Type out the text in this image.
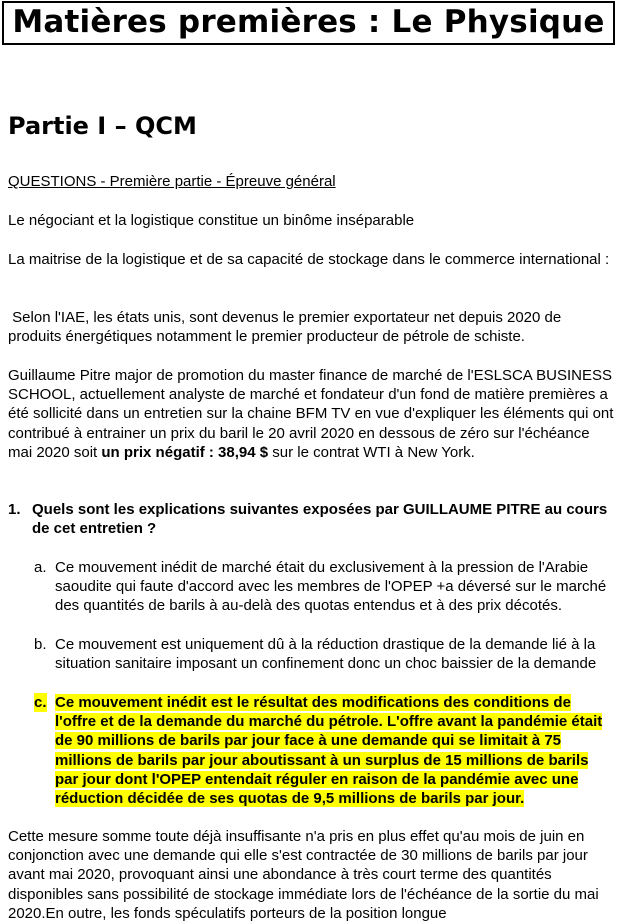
Matières premières : Le Physique
Partie I – QCM

QUESTIONS - Première partie - Épreuve général

Le négociant et la logistique constitue un binôme inséparable

La maitrise de la logistique et de sa capacité de stockage dans le commerce international :

Selon l'IAE, les états unis, sont devenus le premier exportateur net depuis 2020 de produits énergétiques notamment le premier producteur de pétrole de schiste.

Guillaume Pitre major de promotion du master finance de marché de l'ESLSCA BUSINESS SCHOOL, actuellement analyste de marché et fondateur d'un fond de matière premières a été sollicité dans un entretien sur la chaine BFM TV en vue d'expliquer les éléments qui ont contribué à entrainer un prix du baril le 20 avril 2020 en dessous de zéro sur l'échéance mai 2020 soit un prix négatif : 38,94 $ sur le contrat WTI à New York.

1. Quels sont les explications suivantes exposées par GUILLAUME PITRE au cours de cet entretien ?
a. Ce mouvement inédit de marché était du exclusivement à la pression de l'Arabie saoudite qui faute d'accord avec les membres de l'OPEP +a déversé sur le marché des quantités de barils à au-delà des quotas entendus et à des prix décotés.
b. Ce mouvement est uniquement dû à la réduction drastique de la demande lié à la situation sanitaire imposant un confinement donc un choc baissier de la demande
c. Ce mouvement inédit est le résultat des modifications des conditions de l'offre et de la demande du marché du pétrole. L'offre avant la pandémie était de 90 millions de barils par jour face à une demande qui se limitait à 75 millions de barils par jour aboutissant à un surplus de 15 millions de barils par jour dont l'OPEP entendait réguler en raison de la pandémie avec une réduction décidée de ses quotas de 9,5 millions de barils par jour.

Cette mesure somme toute déjà insuffisante n'a pris en plus effet qu'au mois de juin en conjonction avec une demande qui elle s'est contractée de 30 millions de barils par jour avant mai 2020, provoquant ainsi une abondance à très court terme des quantités disponibles sans possibilité de stockage immédiate lors de l'échéance de la sortie du mai 2020.En outre, les fonds spéculatifs porteurs de la position longue
